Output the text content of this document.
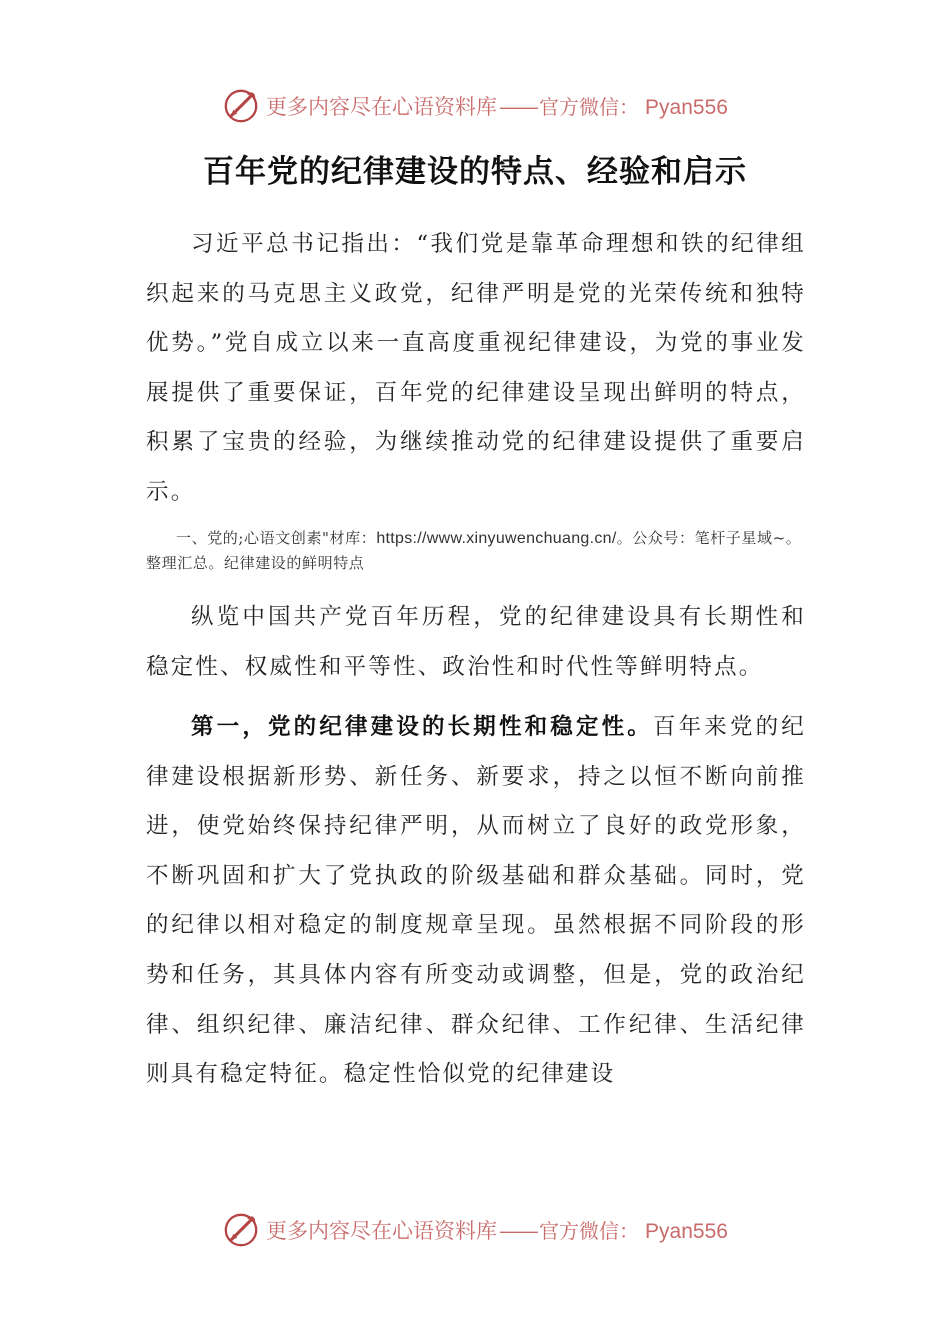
更多内容尽在心语资料库 —— 官方微信： Pyan556
百年党的纪律建设的特点、经验和启示

习近平总书记指出：“我们党是靠革命理想和铁的纪律组织起来的马克思主义政党，纪律严明是党的光荣传统和独特优势。”党自成立以来一直高度重视纪律建设，为党的事业发展提供了重要保证，百年党的纪律建设呈现出鲜明的特点，积累了宝贵的经验，为继续推动党的纪律建设提供了重要启示。

一、党的;心语文创素"材库：https://www.xinyuwenchuang.cn/。公众号：笔杆子星域~。整理汇总。纪律建设的鲜明特点

纵览中国共产党百年历程，党的纪律建设具有长期性和稳定性、权威性和平等性、政治性和时代性等鲜明特点。

第一，党的纪律建设的长期性和稳定性。百年来党的纪律建设根据新形势、新任务、新要求，持之以恒不断向前推进，使党始终保持纪律严明，从而树立了良好的政党形象，不断巩固和扩大了党执政的阶级基础和群众基础。同时，党的纪律以相对稳定的制度规章呈现。虽然根据不同阶段的形势和任务，其具体内容有所变动或调整，但是，党的政治纪律、组织纪律、廉洁纪律、群众纪律、工作纪律、生活纪律则具有稳定特征。稳定性恰似党的纪律建设

更多内容尽在心语资料库 —— 官方微信： Pyan556
